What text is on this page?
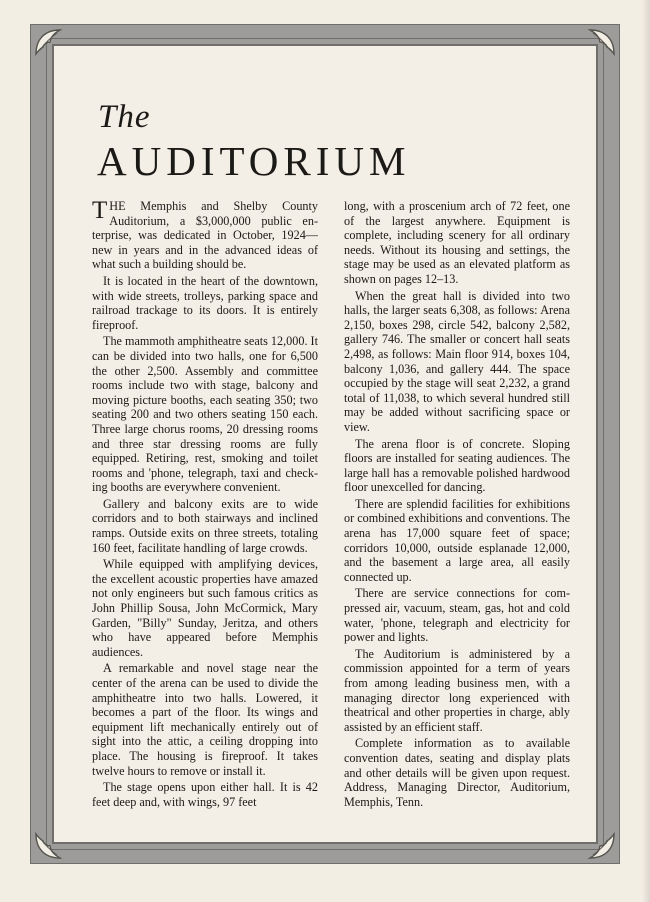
The
AUDITORIUM

THE Memphis and Shelby County Auditorium, a $3,000,000 public enterprise, was dedicated in October, 1924—new in years and in the advanced ideas of what such a building should be.

It is located in the heart of the downtown, with wide streets, trolleys, parking space and railroad trackage to its doors. It is entirely fireproof.

The mammoth amphitheatre seats 12,000. It can be divided into two halls, one for 6,500 the other 2,500. Assembly and committee rooms include two with stage, balcony and moving picture booths, each seating 350; two seating 200 and two others seating 150 each. Three large chorus rooms, 20 dressing rooms and three star dressing rooms are fully equipped. Retiring, rest, smoking and toilet rooms and 'phone, telegraph, taxi and checking booths are everywhere convenient.

Gallery and balcony exits are to wide corridors and to both stairways and inclined ramps. Outside exits on three streets, totaling 160 feet, facilitate handling of large crowds.

While equipped with amplifying devices, the excellent acoustic properties have amazed not only engineers but such famous critics as John Phillip Sousa, John McCormick, Mary Garden, "Billy" Sunday, Jeritza, and others who have appeared before Memphis audiences.

A remarkable and novel stage near the center of the arena can be used to divide the amphitheatre into two halls. Lowered, it becomes a part of the floor. Its wings and equipment lift mechanically entirely out of sight into the attic, a ceiling dropping into place. The housing is fireproof. It takes twelve hours to remove or install it.

The stage opens upon either hall. It is 42 feet deep and, with wings, 97 feet

long, with a proscenium arch of 72 feet, one of the largest anywhere. Equipment is complete, including scenery for all ordinary needs. Without its housing and settings, the stage may be used as an elevated platform as shown on pages 12–13.

When the great hall is divided into two halls, the larger seats 6,308, as follows: Arena 2,150, boxes 298, circle 542, balcony 2,582, gallery 746. The smaller or concert hall seats 2,498, as follows: Main floor 914, boxes 104, balcony 1,036, and gallery 444. The space occupied by the stage will seat 2,232, a grand total of 11,038, to which several hundred still may be added without sacrificing space or view.

The arena floor is of concrete. Sloping floors are installed for seating audiences. The large hall has a removable polished hardwood floor unexcelled for dancing.

There are splendid facilities for exhibitions or combined exhibitions and conventions. The arena has 17,000 square feet of space; corridors 10,000, outside esplanade 12,000, and the basement a large area, all easily connected up.

There are service connections for compressed air, vacuum, steam, gas, hot and cold water, 'phone, telegraph and electricity for power and lights.

The Auditorium is administered by a commission appointed for a term of years from among leading business men, with a managing director long experienced with theatrical and other properties in charge, ably assisted by an efficient staff.

Complete information as to available convention dates, seating and display plats and other details will be given upon request. Address, Managing Director, Auditorium, Memphis, Tenn.
